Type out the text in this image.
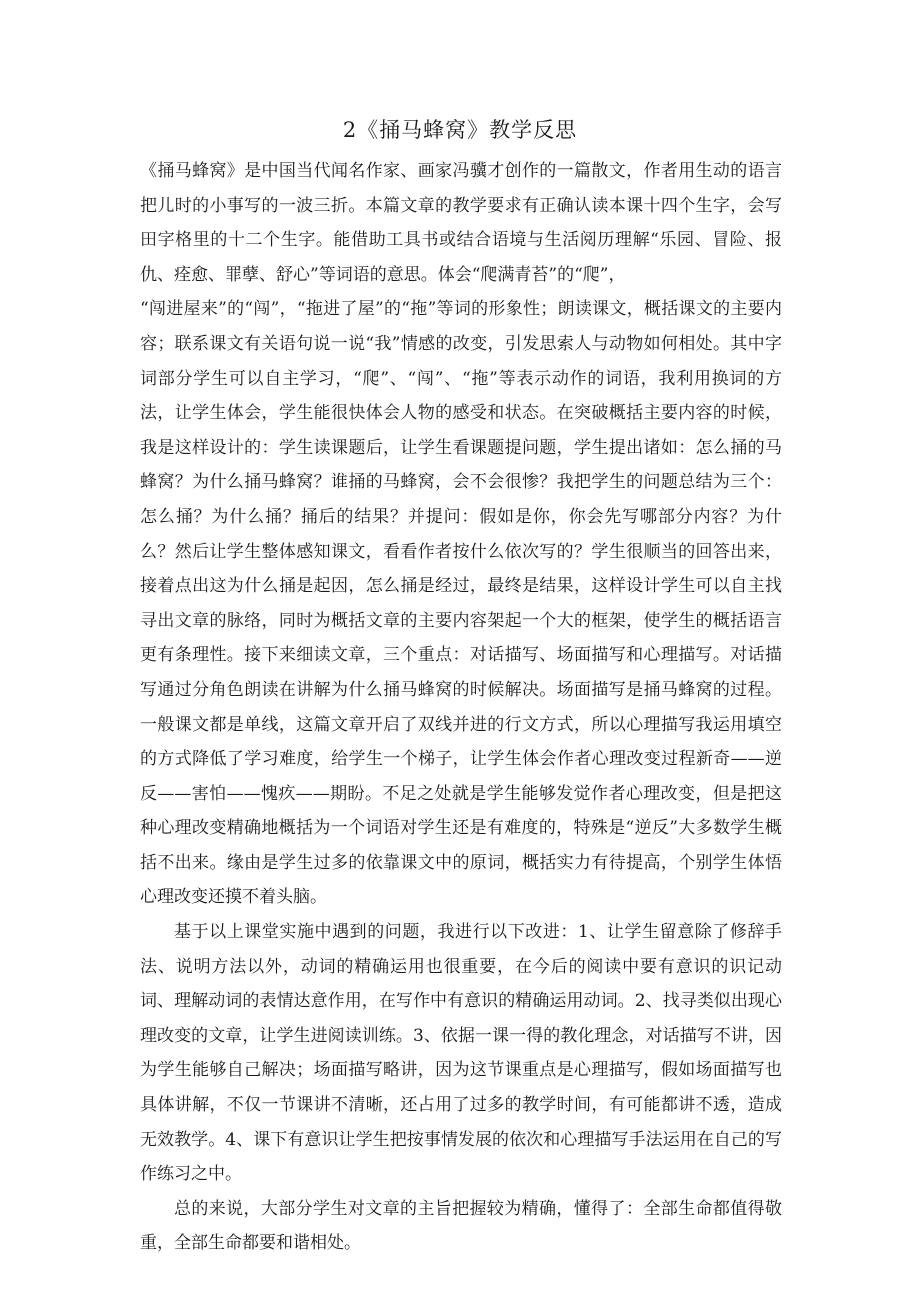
2《捅马蜂窝》教学反思

《捅马蜂窝》是中国当代闻名作家、画家冯骥才创作的一篇散文，作者用生动的语言把儿时的小事写的一波三折。本篇文章的教学要求有正确认读本课十四个生字，会写田字格里的十二个生字。能借助工具书或结合语境与生活阅历理解“乐园、冒险、报仇、痊愈、罪孽、舒心”等词语的意思。体会“爬满青苔”的“爬”，

“闯进屋来”的“闯”，“拖进了屋”的“拖”等词的形象性；朗读课文，概括课文的主要内容；联系课文有关语句说一说“我”情感的改变，引发思索人与动物如何相处。其中字词部分学生可以自主学习，“爬”、“闯”、“拖”等表示动作的词语，我利用换词的方法，让学生体会，学生能很快体会人物的感受和状态。在突破概括主要内容的时候，我是这样设计的：学生读课题后，让学生看课题提问题，学生提出诸如：怎么捅的马蜂窝？为什么捅马蜂窝？谁捅的马蜂窝，会不会很惨？我把学生的问题总结为三个：怎么捅？为什么捅？捅后的结果？并提问：假如是你，你会先写哪部分内容？为什么？然后让学生整体感知课文，看看作者按什么依次写的？学生很顺当的回答出来，接着点出这为什么捅是起因，怎么捅是经过，最终是结果，这样设计学生可以自主找寻出文章的脉络，同时为概括文章的主要内容架起一个大的框架，使学生的概括语言更有条理性。接下来细读文章，三个重点：对话描写、场面描写和心理描写。对话描写通过分角色朗读在讲解为什么捅马蜂窝的时候解决。场面描写是捅马蜂窝的过程。一般课文都是单线，这篇文章开启了双线并进的行文方式，所以心理描写我运用填空的方式降低了学习难度，给学生一个梯子，让学生体会作者心理改变过程新奇——逆反——害怕——愧疚——期盼。不足之处就是学生能够发觉作者心理改变，但是把这种心理改变精确地概括为一个词语对学生还是有难度的，特殊是“逆反”大多数学生概括不出来。缘由是学生过多的依靠课文中的原词，概括实力有待提高，个别学生体悟心理改变还摸不着头脑。

基于以上课堂实施中遇到的问题，我进行以下改进：1、让学生留意除了修辞手法、说明方法以外，动词的精确运用也很重要，在今后的阅读中要有意识的识记动词、理解动词的表情达意作用，在写作中有意识的精确运用动词。2、找寻类似出现心理改变的文章，让学生进阅读训练。3、依据一课一得的教化理念，对话描写不讲，因为学生能够自己解决；场面描写略讲，因为这节课重点是心理描写，假如场面描写也具体讲解，不仅一节课讲不清晰，还占用了过多的教学时间，有可能都讲不透，造成无效教学。4、课下有意识让学生把按事情发展的依次和心理描写手法运用在自己的写作练习之中。

总的来说，大部分学生对文章的主旨把握较为精确，懂得了：全部生命都值得敬重，全部生命都要和谐相处。
